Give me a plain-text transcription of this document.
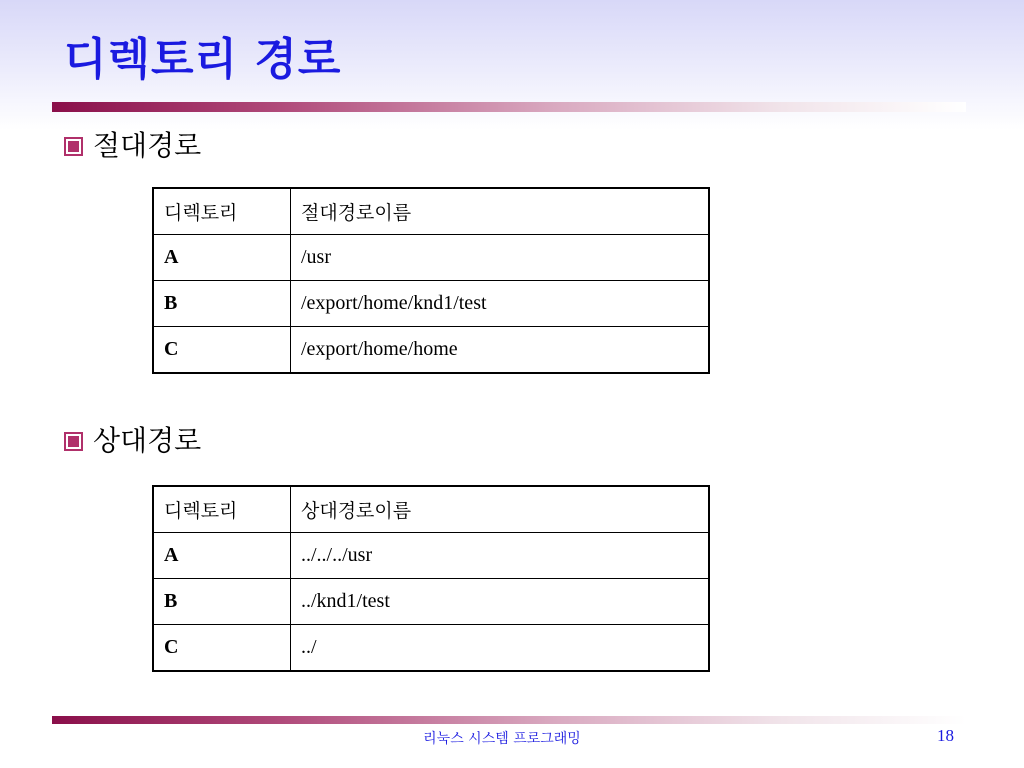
디렉토리 경로
절대경로
디렉토리	절대경로이름
A	/usr
B	/export/home/knd1/test
C	/export/home/home
상대경로
디렉토리	상대경로이름
A	../../../usr
B	../knd1/test
C	../
리눅스 시스템 프로그래밍	18
